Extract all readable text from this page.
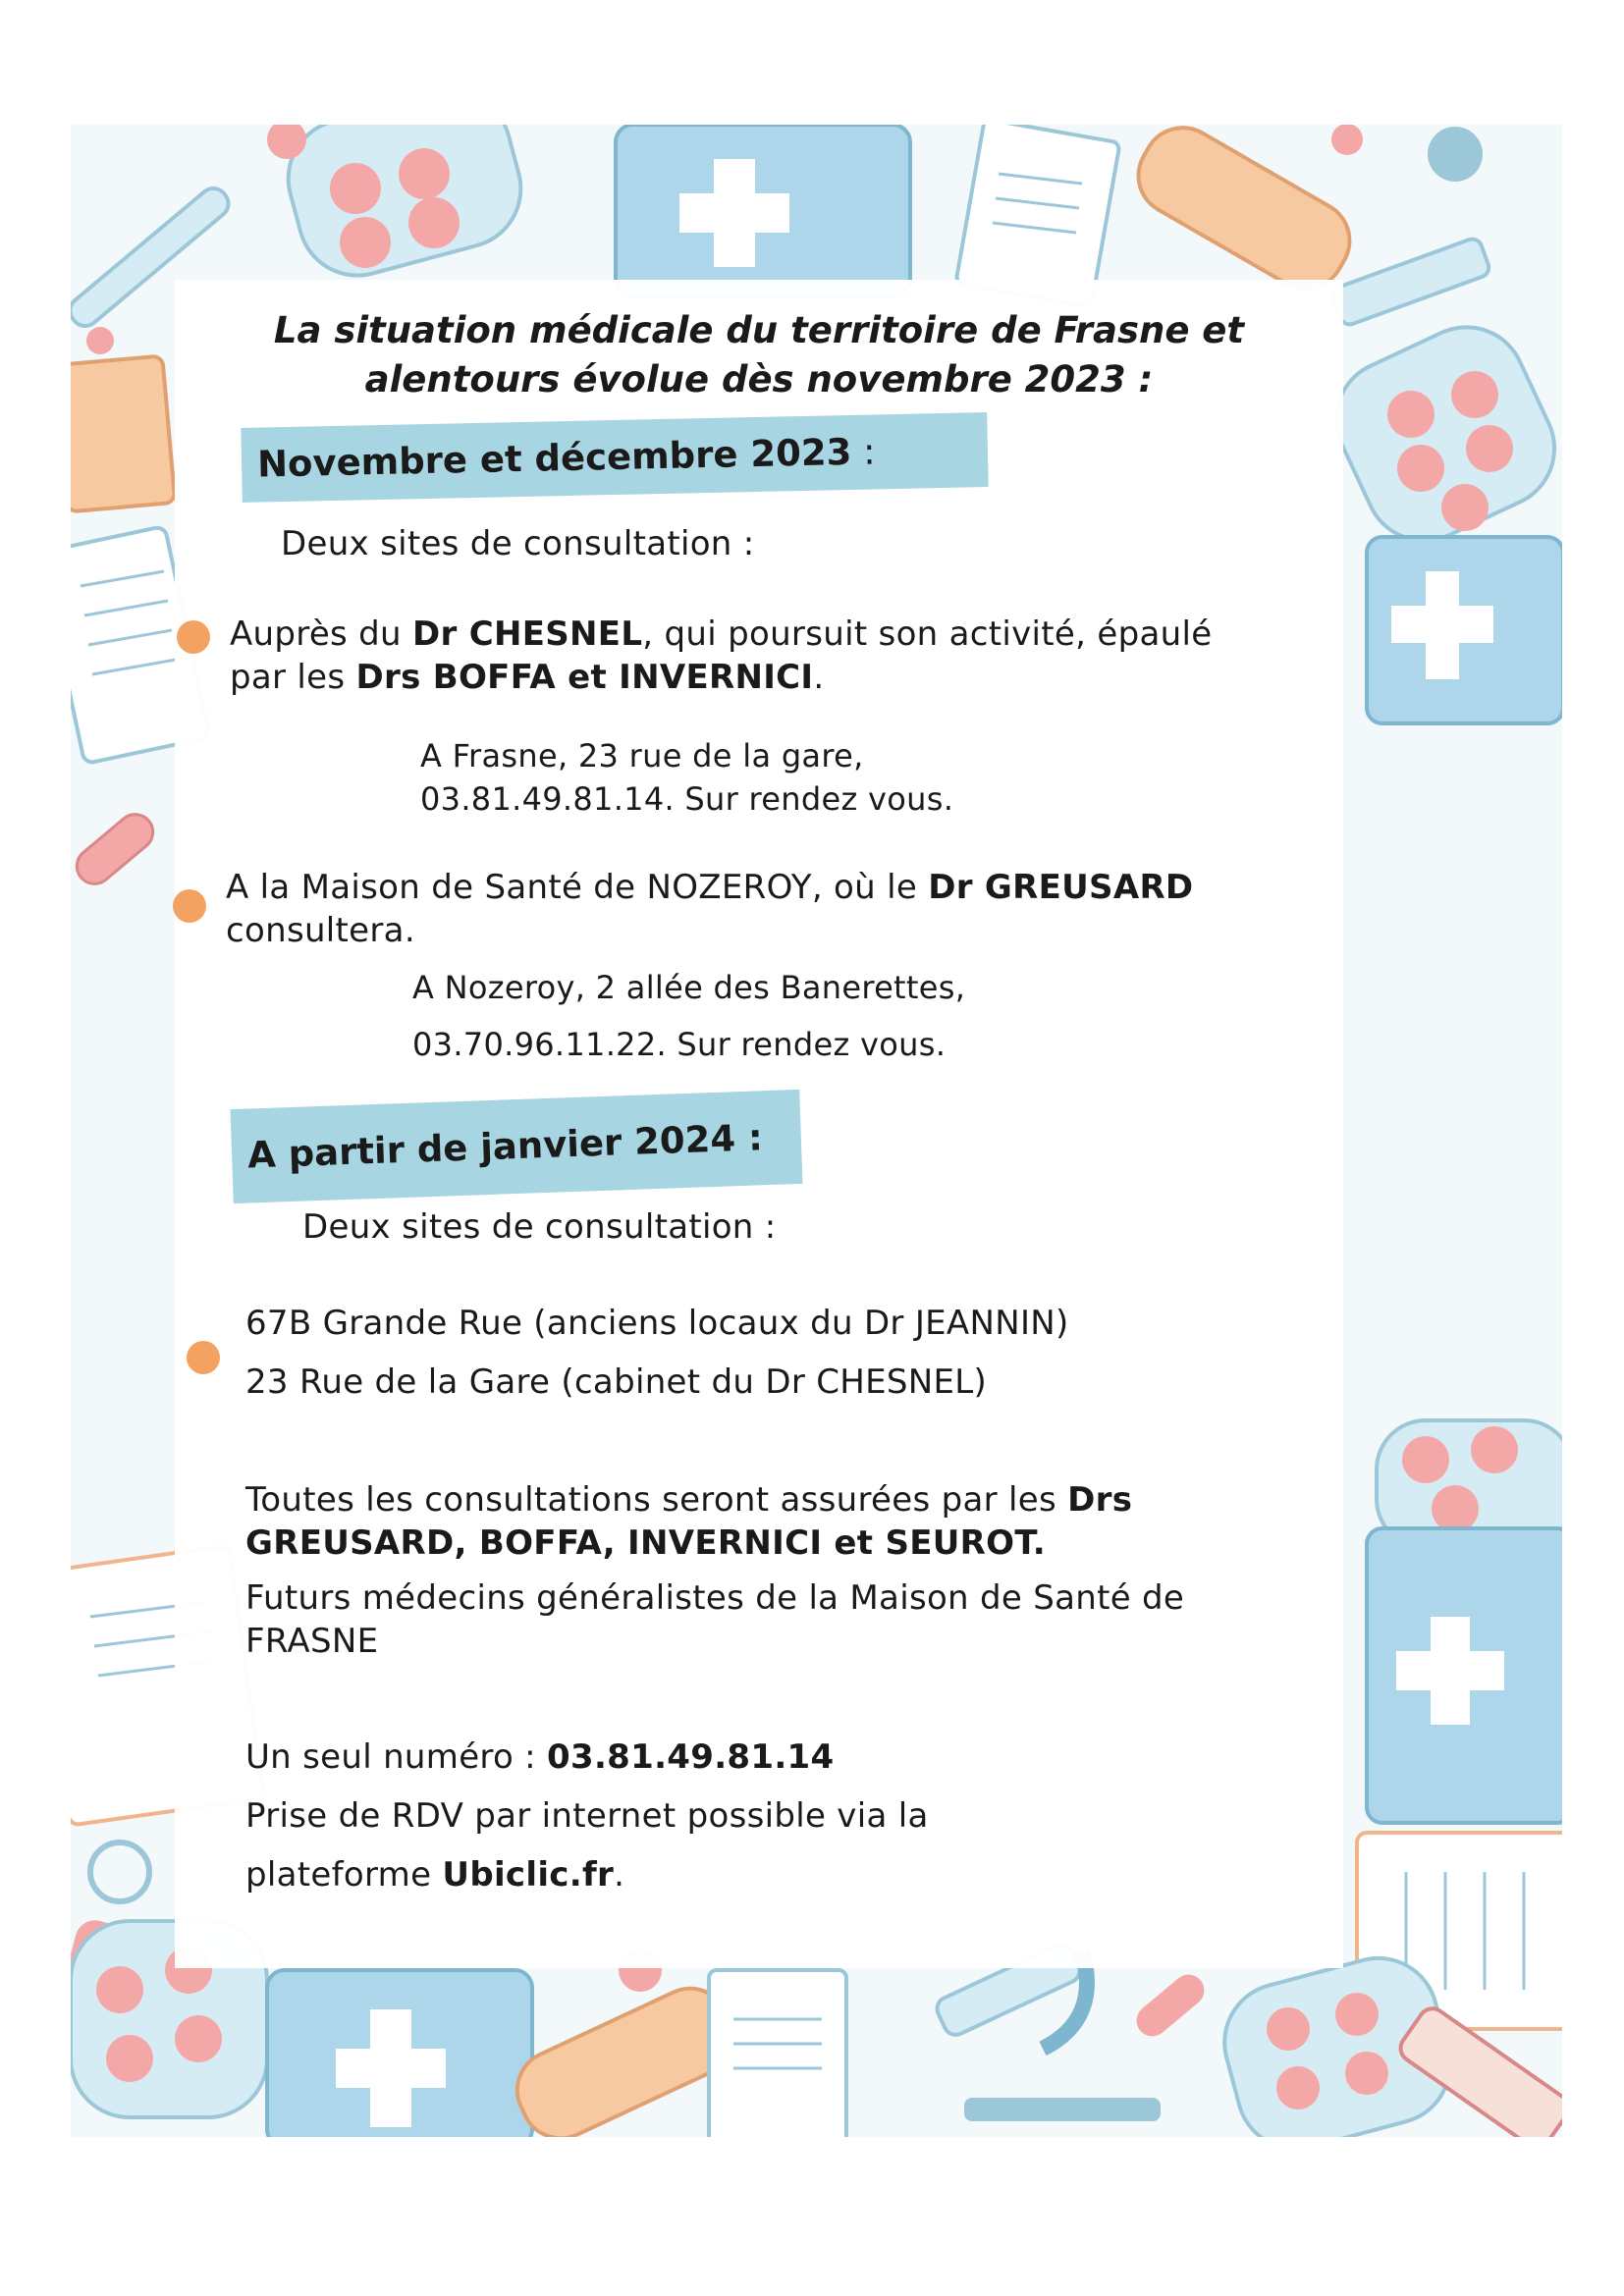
La situation médicale du territoire de Frasne et
alentours évolue dès novembre 2023 :
Novembre et décembre 2023 :
Deux sites de consultation :
Auprès du Dr CHESNEL, qui poursuit son activité, épaulé
par les Drs BOFFA et INVERNICI.
A Frasne, 23 rue de la gare,
03.81.49.81.14. Sur rendez vous.
A la Maison de Santé de NOZEROY, où le Dr GREUSARD
consultera.
A Nozeroy, 2 allée des Banerettes,
03.70.96.11.22. Sur rendez vous.
A partir de janvier 2024 :
Deux sites de consultation :
67B Grande Rue (anciens locaux du Dr JEANNIN)
23 Rue de la Gare (cabinet du Dr CHESNEL)
Toutes les consultations seront assurées par les Drs
GREUSARD, BOFFA, INVERNICI et SEUROT.
Futurs médecins généralistes de la Maison de Santé de
FRASNE
Un seul numéro : 03.81.49.81.14
Prise de RDV par internet possible via la
plateforme Ubiclic.fr.
